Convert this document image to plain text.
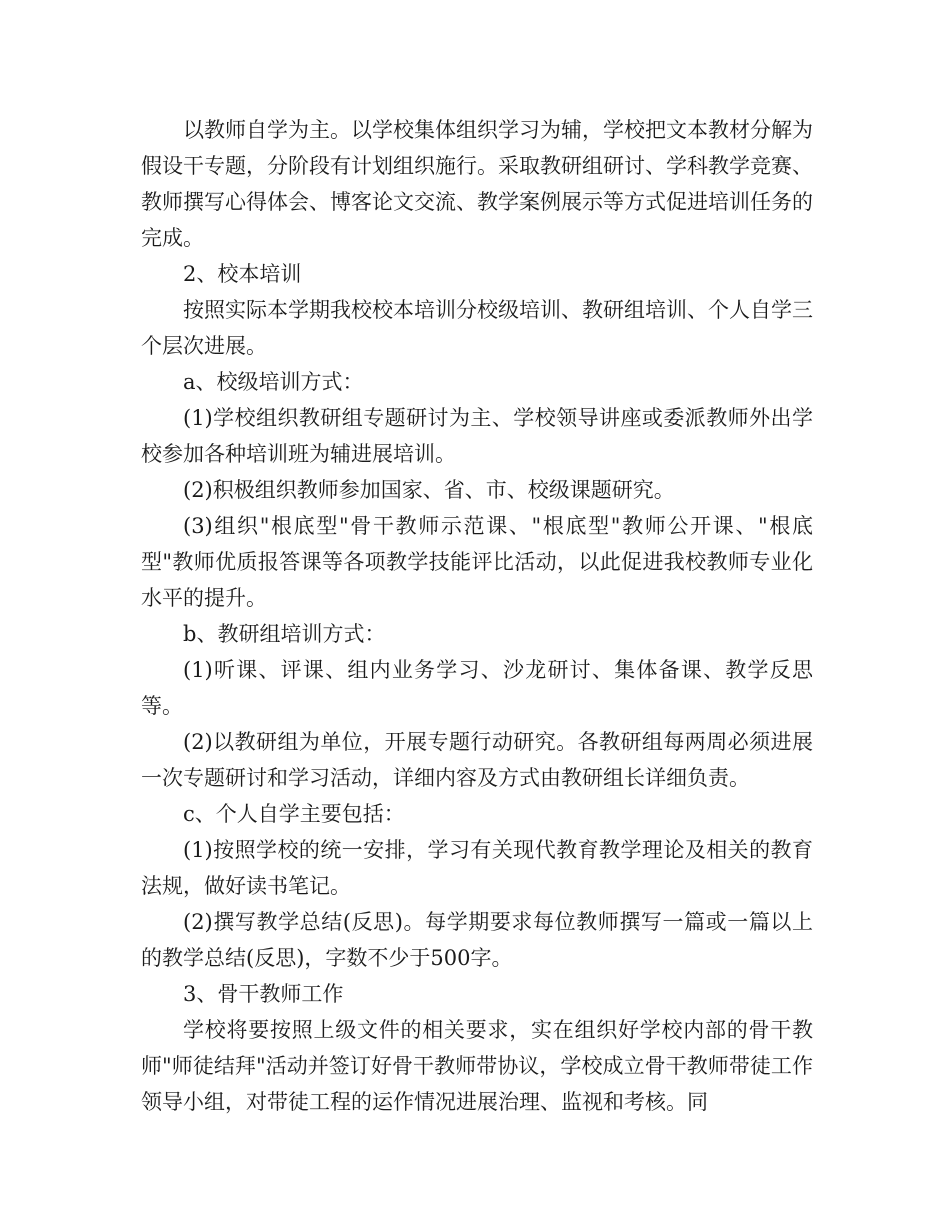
以教师自学为主。以学校集体组织学习为辅，学校把文本教材分解为假设干专题，分阶段有计划组织施行。采取教研组研讨、学科教学竞赛、教师撰写心得体会、博客论文交流、教学案例展示等方式促进培训任务的完成。

2、校本培训

按照实际本学期我校校本培训分校级培训、教研组培训、个人自学三个层次进展。

a、校级培训方式：

(1)学校组织教研组专题研讨为主、学校领导讲座或委派教师外出学校参加各种培训班为辅进展培训。

(2)积极组织教师参加国家、省、市、校级课题研究。

(3)组织"根底型"骨干教师示范课、"根底型"教师公开课、"根底型"教师优质报答课等各项教学技能评比活动，以此促进我校教师专业化水平的提升。

b、教研组培训方式：

(1)听课、评课、组内业务学习、沙龙研讨、集体备课、教学反思等。

(2)以教研组为单位，开展专题行动研究。各教研组每两周必须进展一次专题研讨和学习活动，详细内容及方式由教研组长详细负责。

c、个人自学主要包括：

(1)按照学校的统一安排，学习有关现代教育教学理论及相关的教育法规，做好读书笔记。

(2)撰写教学总结(反思)。每学期要求每位教师撰写一篇或一篇以上的教学总结(反思)，字数不少于500字。

3、骨干教师工作

学校将要按照上级文件的相关要求，实在组织好学校内部的骨干教师"师徒结拜"活动并签订好骨干教师带协议，学校成立骨干教师带徒工作领导小组，对带徒工程的运作情况进展治理、监视和考核。同
